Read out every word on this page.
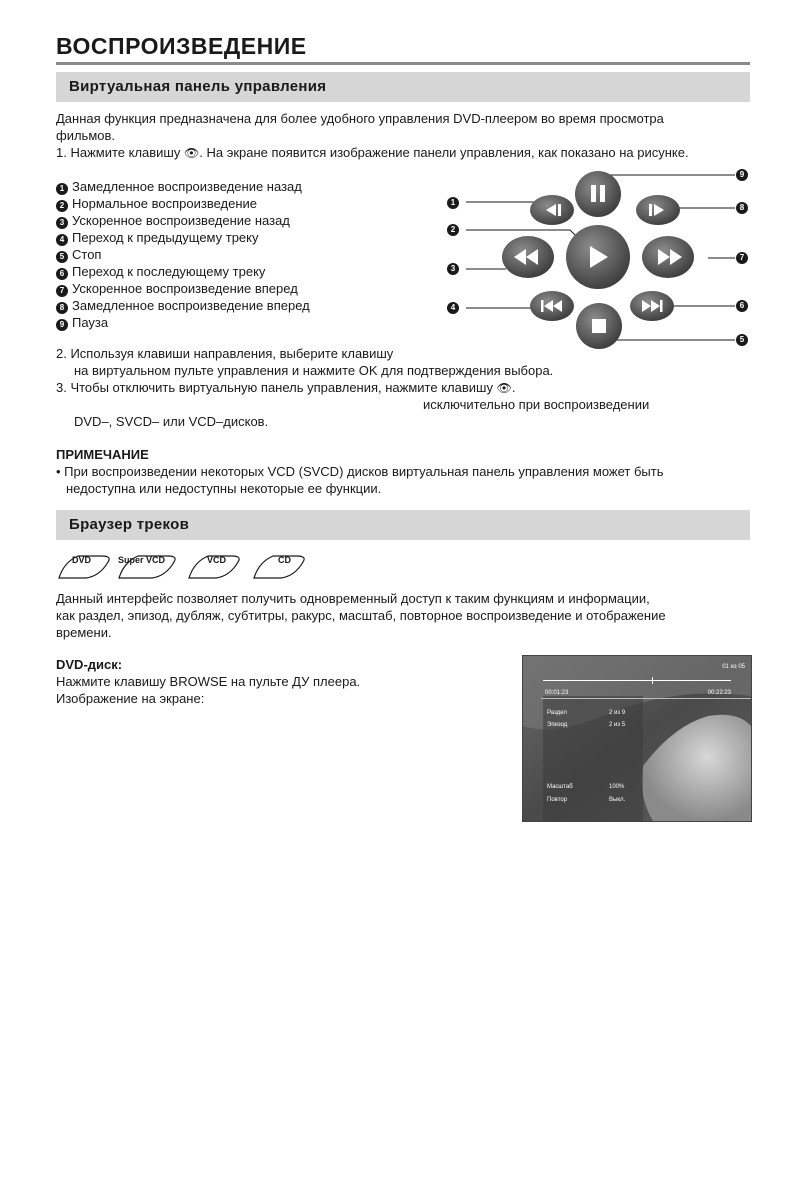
ВОСПРОИЗВЕДЕНИЕ
Виртуальная панель управления
Данная функция предназначена для более удобного управления DVD-плеером во время просмотра
фильмов.
1. Нажмите клавишу 👁. На экране появится изображение панели управления, как показано на рисунке.
1 Замедленное воспроизведение назад
2 Нормальное воспроизведение
3 Ускоренное воспроизведение назад
4 Переход к предыдущему треку
5 Стоп
6 Переход к последующему треку
7 Ускоренное воспроизведение вперед
8 Замедленное воспроизведение вперед
9 Пауза
1
2
3
4
5
6
7
8
9
2. Используя клавиши направления, выберите клавишу
на виртуальном пульте управления и нажмите OK для подтверждения выбора.
3. Чтобы отключить виртуальную панель управления, нажмите клавишу 👁.
исключительно при воспроизведении
DVD–, SVCD– или VCD–дисков.
ПРИМЕЧАНИЕ
• При воспроизведении некоторых VCD (SVCD) дисков виртуальная панель управления может быть
недоступна или недоступны некоторые ее функции.
Браузер треков
DVD	Super VCD	VCD	CD
Данный интерфейс позволяет получить одновременный доступ к таким функциям и информации,
как раздел, эпизод, дубляж, субтитры, ракурс, масштаб, повторное воспроизведение и отображение
времени.
DVD-диск:
Нажмите клавишу BROWSE на пульте ДУ плеера.
Изображение на экране:
01 из 05
00:01:23	00:22:23
Раздел	2 из 9
Эпизод	2 из 5
Масштаб	100%
Повтор	Выкл.
